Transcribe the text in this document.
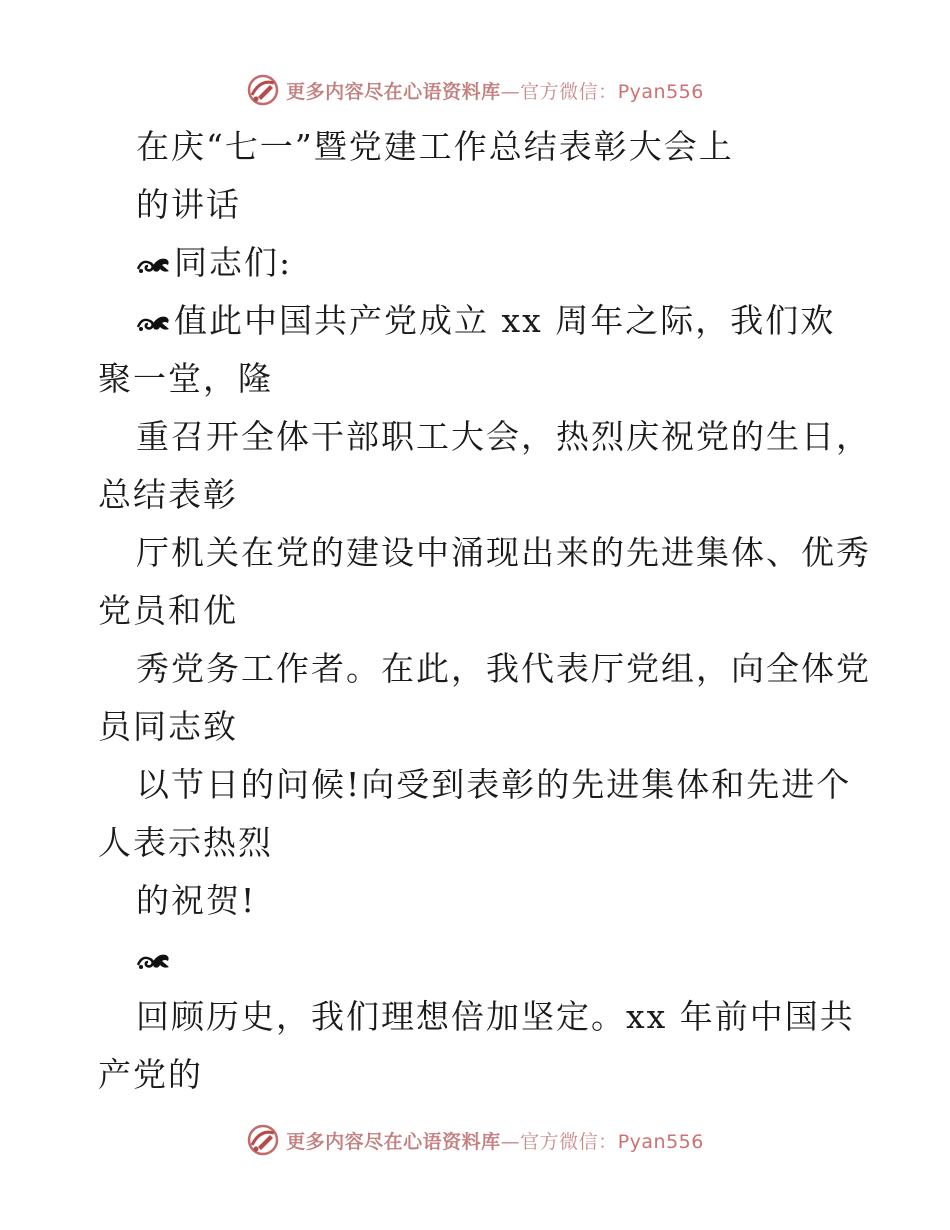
更多内容尽在心语资料库—官方微信：Pyan556
在庆“七一”暨党建工作总结表彰大会上
的讲话
同志们:
值此中国共产党成立 xx 周年之际，我们欢
聚一堂，隆
重召开全体干部职工大会，热烈庆祝党的生日，
总结表彰
厅机关在党的建设中涌现出来的先进集体、优秀
党员和优
秀党务工作者。在此，我代表厅党组，向全体党
员同志致
以节日的问候!向受到表彰的先进集体和先进个
人表示热烈
的祝贺!
回顾历史，我们理想倍加坚定。xx 年前中国共
产党的
更多内容尽在心语资料库—官方微信：Pyan556
